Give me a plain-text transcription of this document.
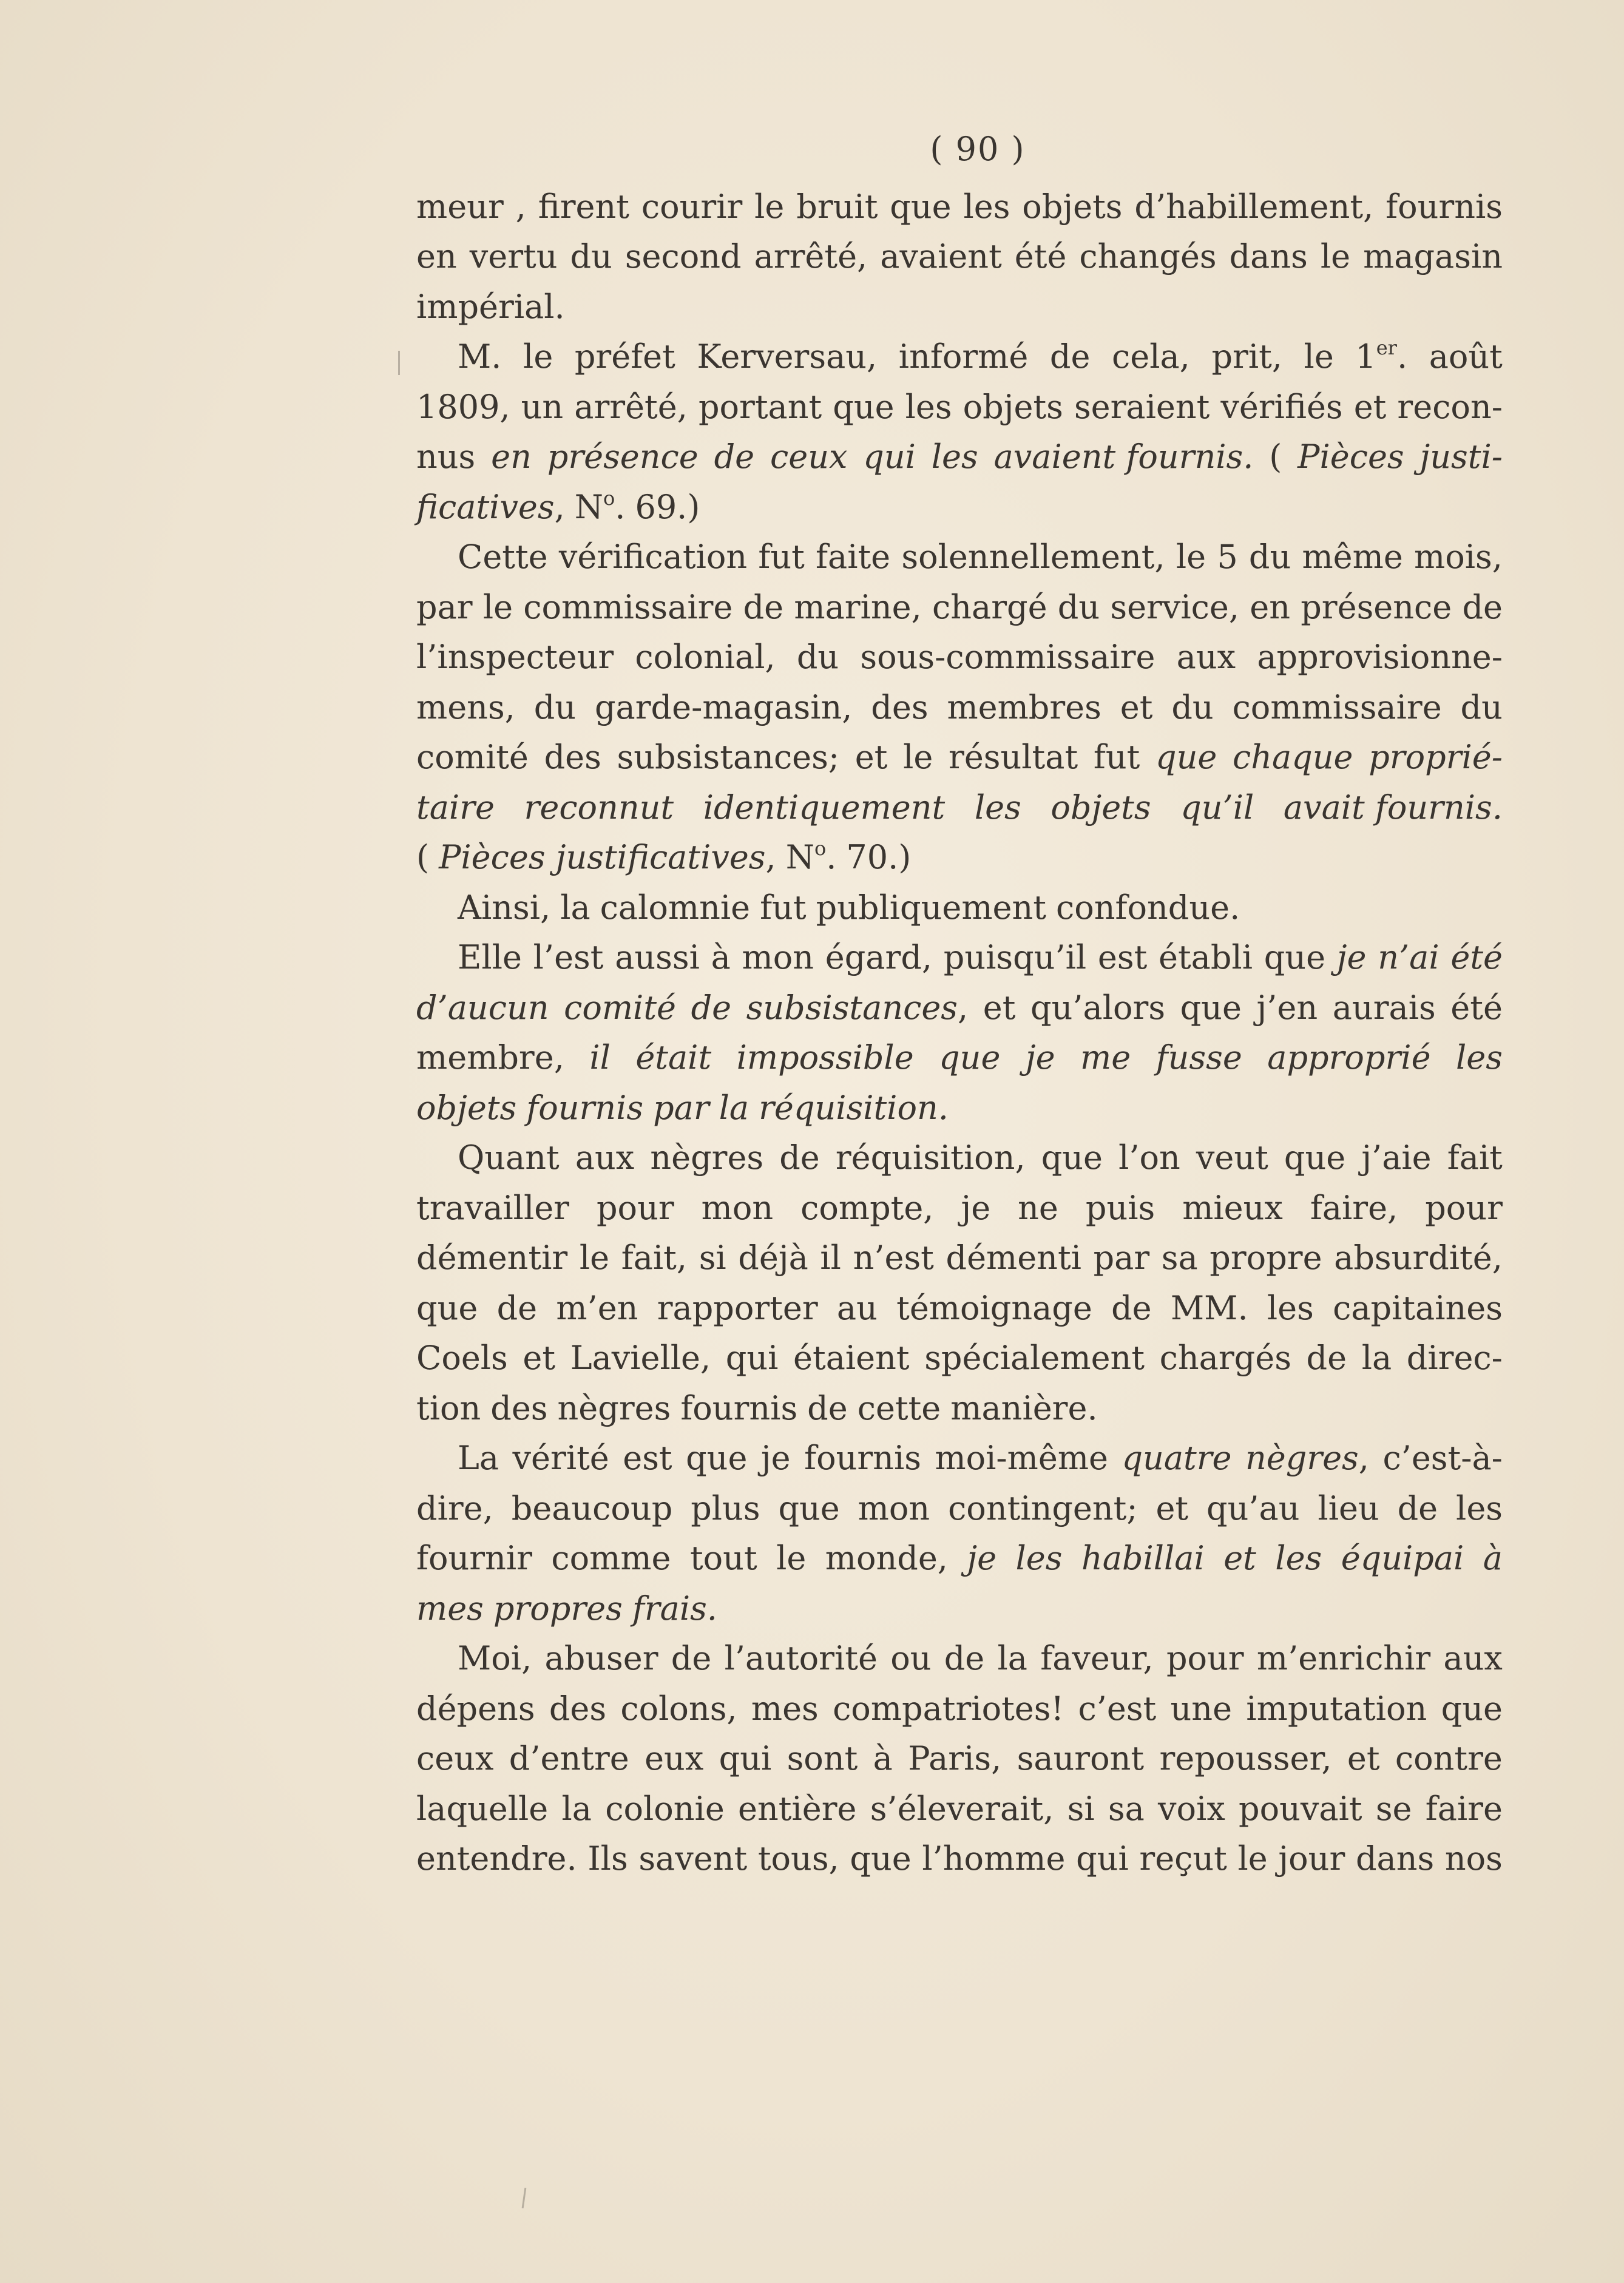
( 90 )
meur , firent courir le bruit que les objets d’habillement, fournis
en vertu du second arrêté, avaient été changés dans le magasin
impérial.
M. le préfet Kerversau, informé de cela, prit, le 1er. août
1809, un arrêté, portant que les objets seraient vérifiés et recon-
nus en présence de ceux qui les avaient fournis. ( Pièces justi-
ficatives, $N^o$. 69.)
Cette vérification fut faite solennellement, le 5 du même mois,
par le commissaire de marine, chargé du service, en présence de
l’inspecteur colonial, du sous-commissaire aux approvisionne-
mens, du garde-magasin, des membres et du commissaire du
comité des subsistances; et le résultat fut que chaque proprié-
taire reconnut identiquement les objets qu’il avait fournis.
( Pièces justificatives, $N^o$. 70.)
Ainsi, la calomnie fut publiquement confondue.
Elle l’est aussi à mon égard, puisqu’il est établi que je n’ai été
d’aucun comité de subsistances, et qu’alors que j’en aurais été
membre, il était impossible que je me fusse approprié les
objets fournis par la réquisition.
Quant aux nègres de réquisition, que l’on veut que j’aie fait
travailler pour mon compte, je ne puis mieux faire, pour
démentir le fait, si déjà il n’est démenti par sa propre absurdité,
que de m’en rapporter au témoignage de MM. les capitaines
Coels et Lavielle, qui étaient spécialement chargés de la direc-
tion des nègres fournis de cette manière.
La vérité est que je fournis moi-même quatre nègres, c’est-à-
dire, beaucoup plus que mon contingent; et qu’au lieu de les
fournir comme tout le monde, je les habillai et les équipai à
mes propres frais.
Moi, abuser de l’autorité ou de la faveur, pour m’enrichir aux
dépens des colons, mes compatriotes! c’est une imputation que
ceux d’entre eux qui sont à Paris, sauront repousser, et contre
laquelle la colonie entière s’éleverait, si sa voix pouvait se faire
entendre. Ils savent tous, que l’homme qui reçut le jour dans nos
